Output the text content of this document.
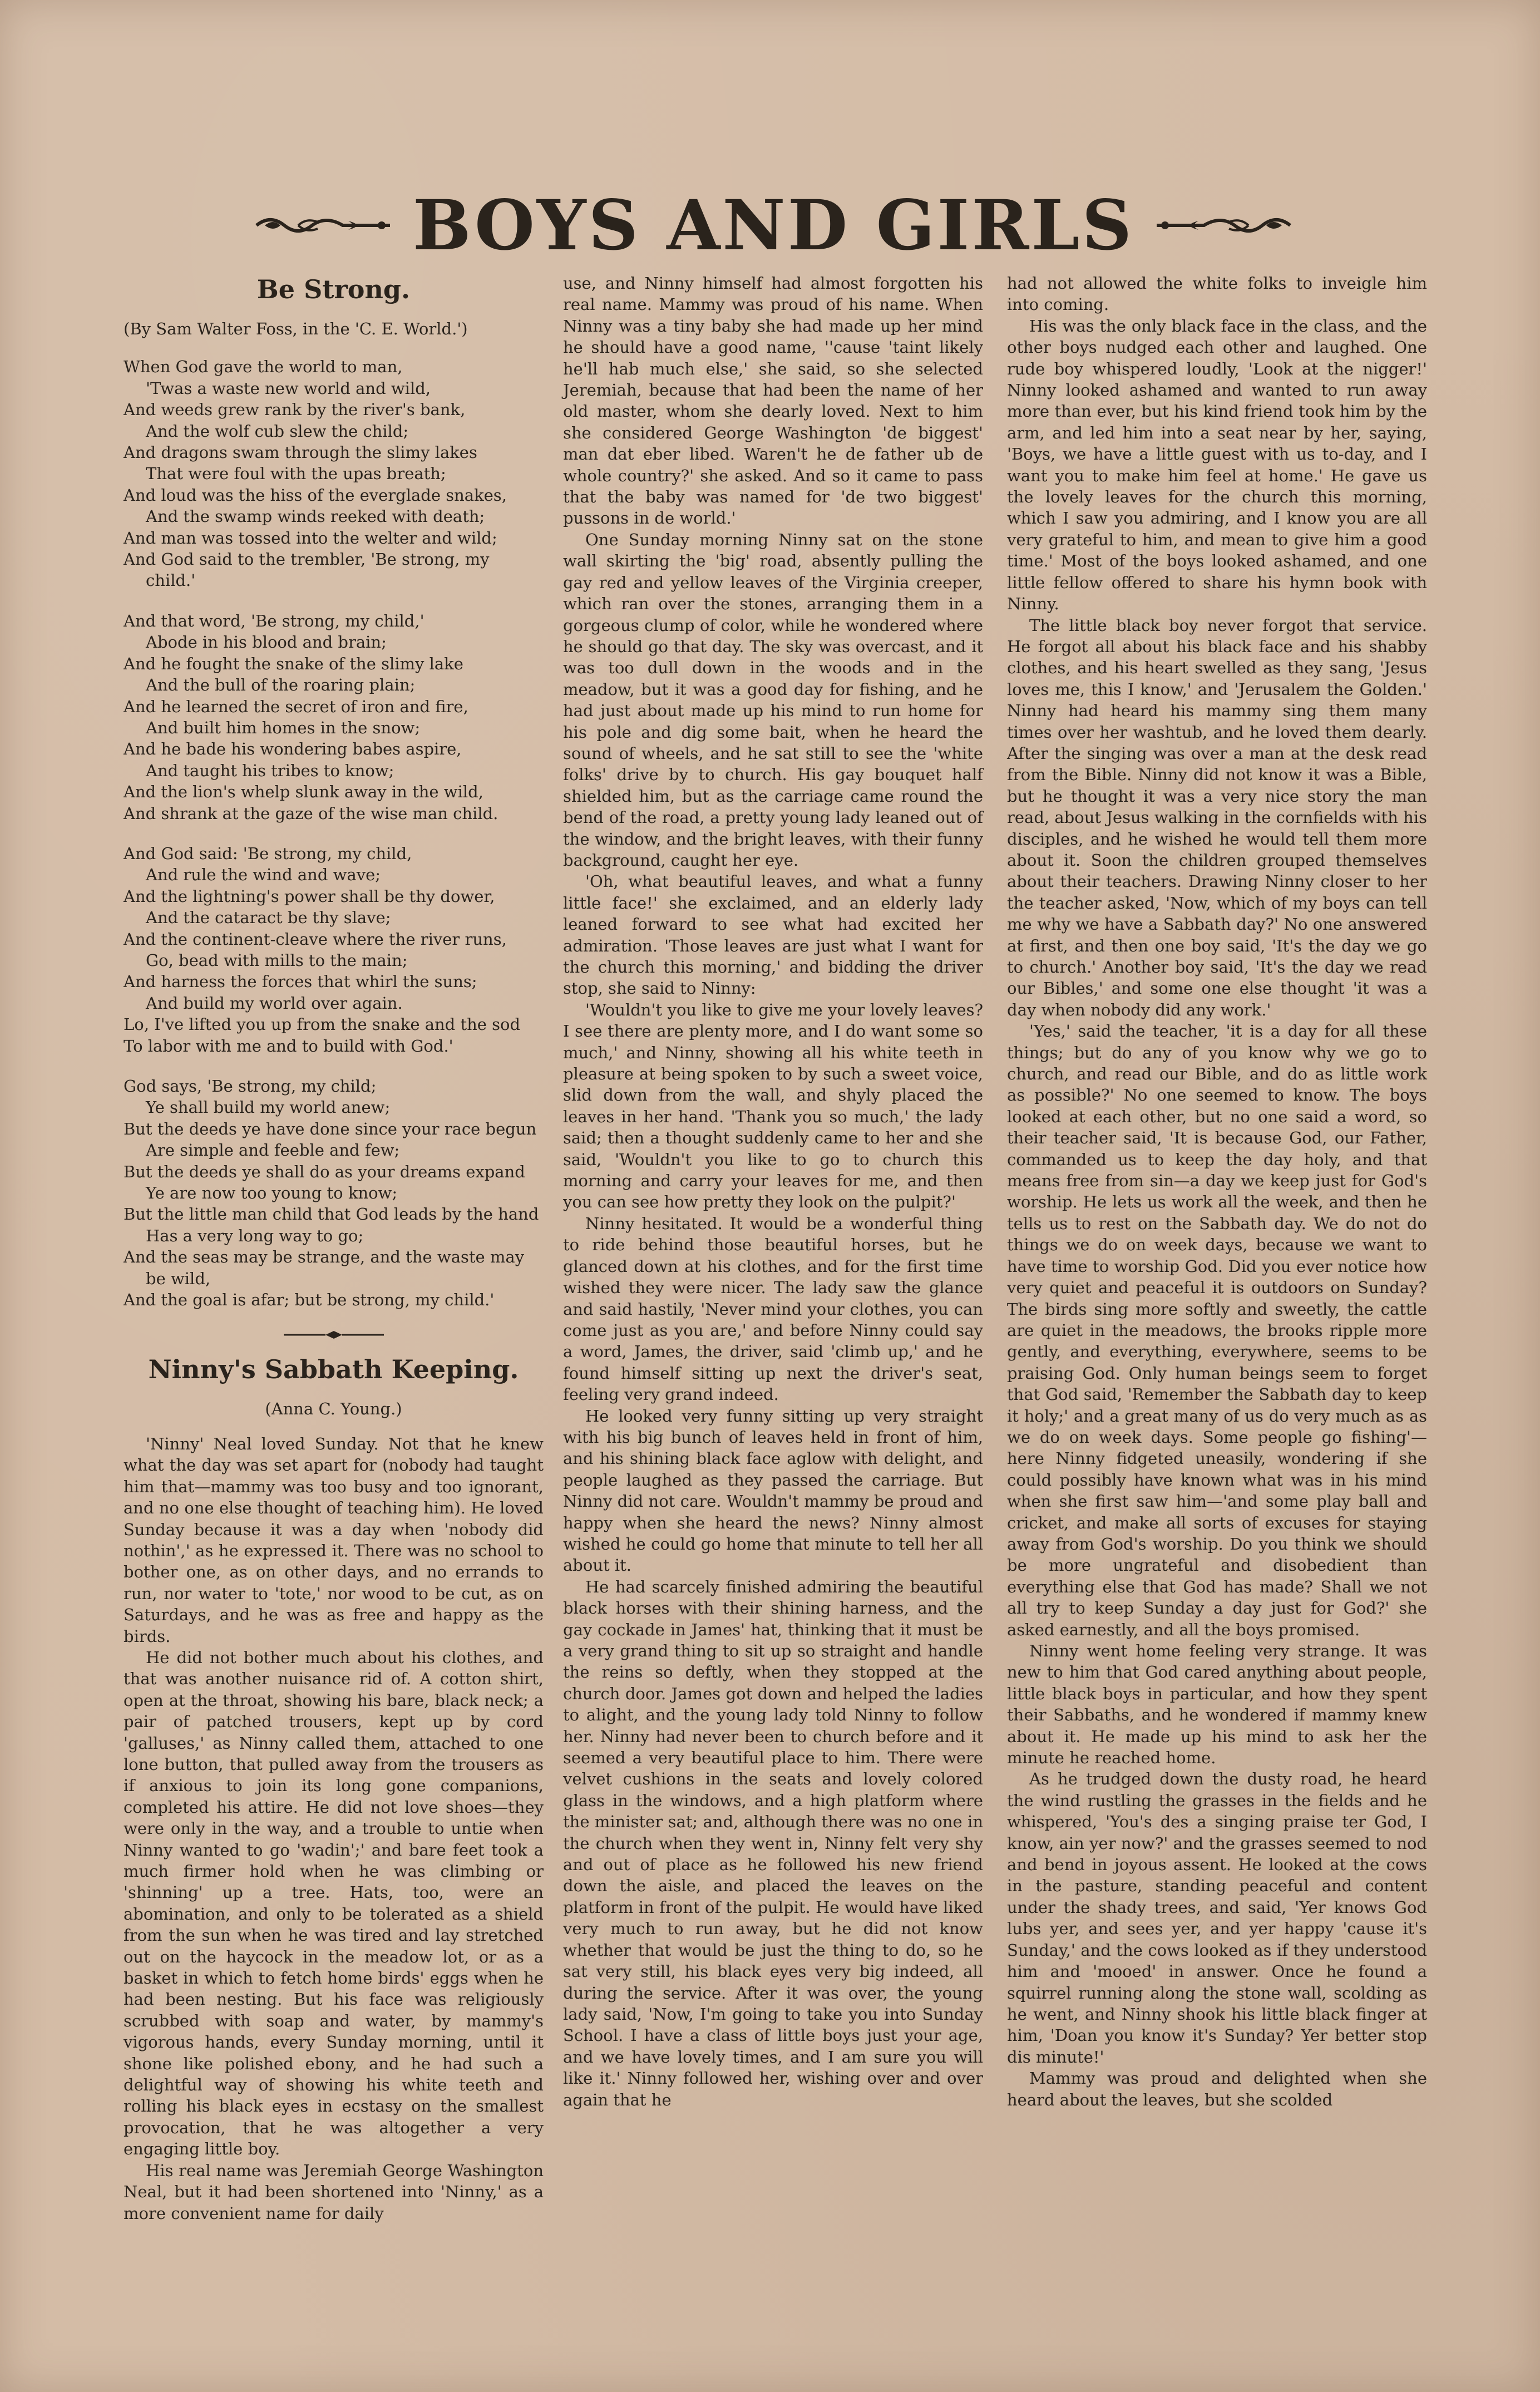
BOYS AND GIRLS
Be Strong.
(By Sam Walter Foss, in the 'C. E. World.')
When God gave the world to man,
'Twas a waste new world and wild,
And weeds grew rank by the river's bank,
And the wolf cub slew the child;
And dragons swam through the slimy lakes
That were foul with the upas breath;
And loud was the hiss of the everglade snakes,
And the swamp winds reeked with death;
And man was tossed into the welter and wild;
And God said to the trembler, 'Be strong, my child.'
And that word, 'Be strong, my child,'
Abode in his blood and brain;
And he fought the snake of the slimy lake
And the bull of the roaring plain;
And he learned the secret of iron and fire,
And built him homes in the snow;
And he bade his wondering babes aspire,
And taught his tribes to know;
And the lion's whelp slunk away in the wild,
And shrank at the gaze of the wise man child.
And God said: 'Be strong, my child,
And rule the wind and wave;
And the lightning's power shall be thy dower,
And the cataract be thy slave;
And the continent-cleave where the river runs,
Go, bead with mills to the main;
And harness the forces that whirl the suns;
And build my world over again.
Lo, I've lifted you up from the snake and the sod
To labor with me and to build with God.'
God says, 'Be strong, my child;
Ye shall build my world anew;
But the deeds ye have done since your race begun
Are simple and feeble and few;
But the deeds ye shall do as your dreams expand
Ye are now too young to know;
But the little man child that God leads by the hand
Has a very long way to go;
And the seas may be strange, and the waste may be wild,
And the goal is afar; but be strong, my child.'
Ninny's Sabbath Keeping.
(Anna C. Young.)

'Ninny' Neal loved Sunday. Not that he knew what the day was set apart for (nobody had taught him that—mammy was too busy and too ignorant, and no one else thought of teaching him). He loved Sunday because it was a day when 'nobody did nothin',' as he expressed it. There was no school to bother one, as on other days, and no errands to run, nor water to 'tote,' nor wood to be cut, as on Saturdays, and he was as free and happy as the birds.

He did not bother much about his clothes, and that was another nuisance rid of. A cotton shirt, open at the throat, showing his bare, black neck; a pair of patched trousers, kept up by cord 'galluses,' as Ninny called them, attached to one lone button, that pulled away from the trousers as if anxious to join its long gone companions, completed his attire. He did not love shoes—they were only in the way, and a trouble to untie when Ninny wanted to go 'wadin';' and bare feet took a much firmer hold when he was climbing or 'shinning' up a tree. Hats, too, were an abomination, and only to be tolerated as a shield from the sun when he was tired and lay stretched out on the haycock in the meadow lot, or as a basket in which to fetch home birds' eggs when he had been nesting. But his face was religiously scrubbed with soap and water, by mammy's vigorous hands, every Sunday morning, until it shone like polished ebony, and he had such a delightful way of showing his white teeth and rolling his black eyes in ecstasy on the smallest provocation, that he was altogether a very engaging little boy.

His real name was Jeremiah George Washington Neal, but it had been shortened into 'Ninny,' as a more convenient name for daily

use, and Ninny himself had almost forgotten his real name. Mammy was proud of his name. When Ninny was a tiny baby she had made up her mind he should have a good name, ''cause 'taint likely he'll hab much else,' she said, so she selected Jeremiah, because that had been the name of her old master, whom she dearly loved. Next to him she considered George Washington 'de biggest' man dat eber libed. Waren't he de father ub de whole country?' she asked. And so it came to pass that the baby was named for 'de two biggest' pussons in de world.'

One Sunday morning Ninny sat on the stone wall skirting the 'big' road, absently pulling the gay red and yellow leaves of the Virginia creeper, which ran over the stones, arranging them in a gorgeous clump of color, while he wondered where he should go that day. The sky was overcast, and it was too dull down in the woods and in the meadow, but it was a good day for fishing, and he had just about made up his mind to run home for his pole and dig some bait, when he heard the sound of wheels, and he sat still to see the 'white folks' drive by to church. His gay bouquet half shielded him, but as the carriage came round the bend of the road, a pretty young lady leaned out of the window, and the bright leaves, with their funny background, caught her eye.

'Oh, what beautiful leaves, and what a funny little face!' she exclaimed, and an elderly lady leaned forward to see what had excited her admiration. 'Those leaves are just what I want for the church this morning,' and bidding the driver stop, she said to Ninny:

'Wouldn't you like to give me your lovely leaves? I see there are plenty more, and I do want some so much,' and Ninny, showing all his white teeth in pleasure at being spoken to by such a sweet voice, slid down from the wall, and shyly placed the leaves in her hand. 'Thank you so much,' the lady said; then a thought suddenly came to her and she said, 'Wouldn't you like to go to church this morning and carry your leaves for me, and then you can see how pretty they look on the pulpit?'

Ninny hesitated. It would be a wonderful thing to ride behind those beautiful horses, but he glanced down at his clothes, and for the first time wished they were nicer. The lady saw the glance and said hastily, 'Never mind your clothes, you can come just as you are,' and before Ninny could say a word, James, the driver, said 'climb up,' and he found himself sitting up next the driver's seat, feeling very grand indeed.

He looked very funny sitting up very straight with his big bunch of leaves held in front of him, and his shining black face aglow with delight, and people laughed as they passed the carriage. But Ninny did not care. Wouldn't mammy be proud and happy when she heard the news? Ninny almost wished he could go home that minute to tell her all about it.

He had scarcely finished admiring the beautiful black horses with their shining harness, and the gay cockade in James' hat, thinking that it must be a very grand thing to sit up so straight and handle the reins so deftly, when they stopped at the church door. James got down and helped the ladies to alight, and the young lady told Ninny to follow her. Ninny had never been to church before and it seemed a very beautiful place to him. There were velvet cushions in the seats and lovely colored glass in the windows, and a high platform where the minister sat; and, although there was no one in the church when they went in, Ninny felt very shy and out of place as he followed his new friend down the aisle, and placed the leaves on the platform in front of the pulpit. He would have liked very much to run away, but he did not know whether that would be just the thing to do, so he sat very still, his black eyes very big indeed, all during the service. After it was over, the young lady said, 'Now, I'm going to take you into Sunday School. I have a class of little boys just your age, and we have lovely times, and I am sure you will like it.' Ninny followed her, wishing over and over again that he

had not allowed the white folks to inveigle him into coming.

His was the only black face in the class, and the other boys nudged each other and laughed. One rude boy whispered loudly, 'Look at the nigger!' Ninny looked ashamed and wanted to run away more than ever, but his kind friend took him by the arm, and led him into a seat near by her, saying, 'Boys, we have a little guest with us to-day, and I want you to make him feel at home.' He gave us the lovely leaves for the church this morning, which I saw you admiring, and I know you are all very grateful to him, and mean to give him a good time.' Most of the boys looked ashamed, and one little fellow offered to share his hymn book with Ninny.

The little black boy never forgot that service. He forgot all about his black face and his shabby clothes, and his heart swelled as they sang, 'Jesus loves me, this I know,' and 'Jerusalem the Golden.' Ninny had heard his mammy sing them many times over her washtub, and he loved them dearly. After the singing was over a man at the desk read from the Bible. Ninny did not know it was a Bible, but he thought it was a very nice story the man read, about Jesus walking in the cornfields with his disciples, and he wished he would tell them more about it. Soon the children grouped themselves about their teachers. Drawing Ninny closer to her the teacher asked, 'Now, which of my boys can tell me why we have a Sabbath day?' No one answered at first, and then one boy said, 'It's the day we go to church.' Another boy said, 'It's the day we read our Bibles,' and some one else thought 'it was a day when nobody did any work.'

'Yes,' said the teacher, 'it is a day for all these things; but do any of you know why we go to church, and read our Bible, and do as little work as possible?' No one seemed to know. The boys looked at each other, but no one said a word, so their teacher said, 'It is because God, our Father, commanded us to keep the day holy, and that means free from sin—a day we keep just for God's worship. He lets us work all the week, and then he tells us to rest on the Sabbath day. We do not do things we do on week days, because we want to have time to worship God. Did you ever notice how very quiet and peaceful it is outdoors on Sunday? The birds sing more softly and sweetly, the cattle are quiet in the meadows, the brooks ripple more gently, and everything, everywhere, seems to be praising God. Only human beings seem to forget that God said, 'Remember the Sabbath day to keep it holy;' and a great many of us do very much as as we do on week days. Some people go fishing'—here Ninny fidgeted uneasily, wondering if she could possibly have known what was in his mind when she first saw him—'and some play ball and cricket, and make all sorts of excuses for staying away from God's worship. Do you think we should be more ungrateful and disobedient than everything else that God has made? Shall we not all try to keep Sunday a day just for God?' she asked earnestly, and all the boys promised.

Ninny went home feeling very strange. It was new to him that God cared anything about people, little black boys in particular, and how they spent their Sabbaths, and he wondered if mammy knew about it. He made up his mind to ask her the minute he reached home.

As he trudged down the dusty road, he heard the wind rustling the grasses in the fields and he whispered, 'You's des a singing praise ter God, I know, ain yer now?' and the grasses seemed to nod and bend in joyous assent. He looked at the cows in the pasture, standing peaceful and content under the shady trees, and said, 'Yer knows God lubs yer, and sees yer, and yer happy 'cause it's Sunday,' and the cows looked as if they understood him and 'mooed' in answer. Once he found a squirrel running along the stone wall, scolding as he went, and Ninny shook his little black finger at him, 'Doan you know it's Sunday? Yer better stop dis minute!'

Mammy was proud and delighted when she heard about the leaves, but she scolded
